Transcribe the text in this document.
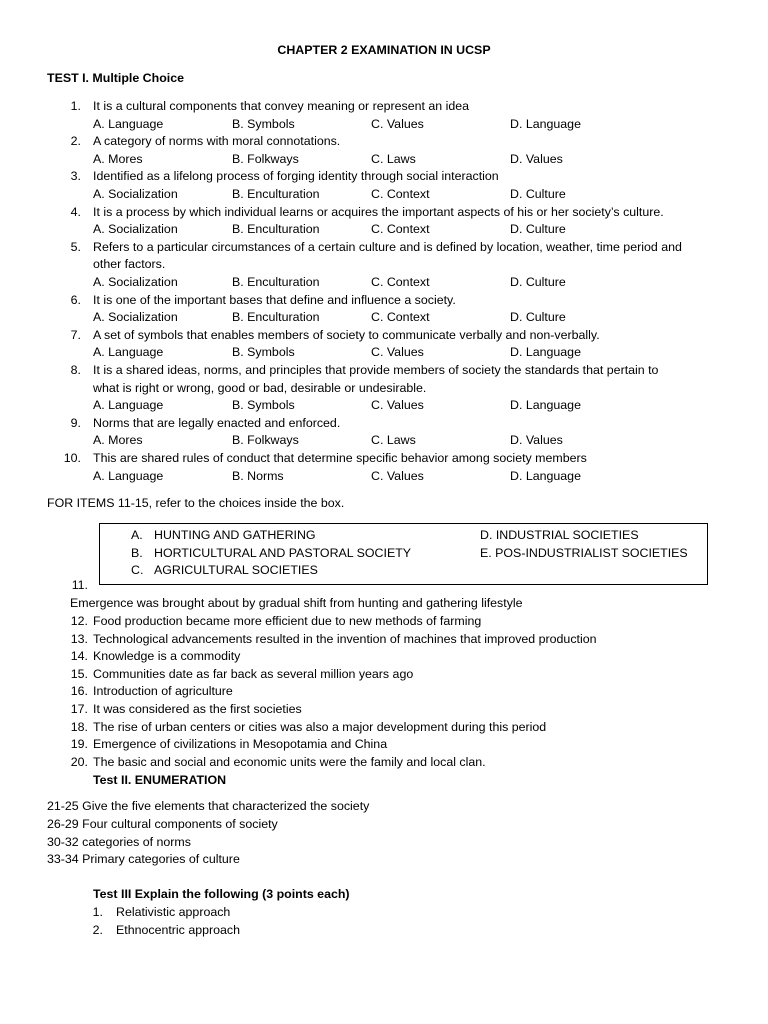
CHAPTER 2 EXAMINATION IN UCSP
TEST I. Multiple Choice
1. It is a cultural components that convey meaning or represent an idea
A. Language	B. Symbols	C. Values	D. Language
2. A category of norms with moral connotations.
A. Mores	B. Folkways	C. Laws	D. Values
3. Identified as a lifelong process of forging identity through social interaction
A. Socialization	B. Enculturation	C. Context	D. Culture
4. It is a process by which individual learns or acquires the important aspects of his or her society’s culture.
A. Socialization	B. Enculturation	C. Context	D. Culture
5. Refers to a particular circumstances of a certain culture and is defined by location, weather, time period and
other factors.
A. Socialization	B. Enculturation	C. Context	D. Culture
6. It is one of the important bases that define and influence a society.
A. Socialization	B. Enculturation	C. Context	D. Culture
7. A set of symbols that enables members of society to communicate verbally and non-verbally.
A. Language	B. Symbols	C. Values	D. Language
8. It is a shared ideas, norms, and principles that provide members of society the standards that pertain to
what is right or wrong, good or bad, desirable or undesirable.
A. Language	B. Symbols	C. Values	D. Language
9. Norms that are legally enacted and enforced.
A. Mores	B. Folkways	C. Laws	D. Values
10. This are shared rules of conduct that determine specific behavior among society members
A. Language	B. Norms	C. Values	D. Language
FOR ITEMS 11-15, refer to the choices inside the box.
A. HUNTING AND GATHERING
B. HORTICULTURAL AND PASTORAL SOCIETY
C. AGRICULTURAL SOCIETIES
D. INDUSTRIAL SOCIETIES
E. POS-INDUSTRIALIST SOCIETIES
11.
Emergence was brought about by gradual shift from hunting and gathering lifestyle
12. Food production became more efficient due to new methods of farming
13. Technological advancements resulted in the invention of machines that improved production
14. Knowledge is a commodity
15. Communities date as far back as several million years ago
16. Introduction of agriculture
17. It was considered as the first societies
18. The rise of urban centers or cities was also a major development during this period
19. Emergence of civilizations in Mesopotamia and China
20. The basic and social and economic units were the family and local clan.
Test II. ENUMERATION
21-25 Give the five elements that characterized the society
26-29 Four cultural components of society
30-32 categories of norms
33-34 Primary categories of culture
Test III Explain the following (3 points each)
1. Relativistic approach
2. Ethnocentric approach
